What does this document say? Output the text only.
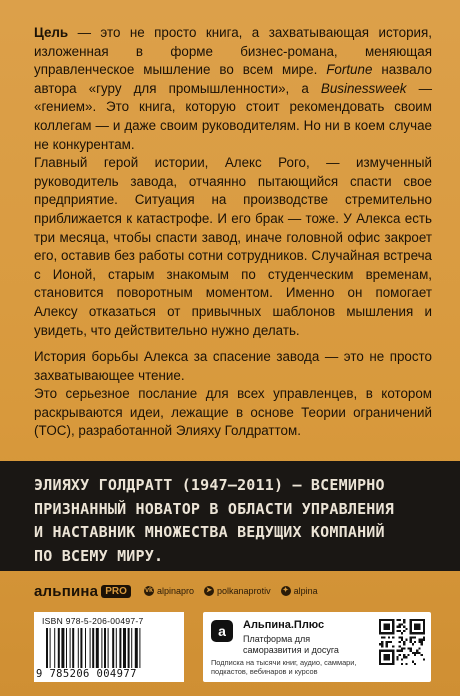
Цель — это не просто книга, а захватывающая история, изложенная в форме бизнес-романа, меняющая управленческое мышление во всем мире. Fortune назвало автора «гуру для промышленности», а Businessweek — «гением». Это книга, которую стоит рекомендовать своим коллегам — и даже своим руководителям. Но ни в коем случае не конкурентам.

Главный герой истории, Алекс Рого, — измученный руководитель завода, отчаянно пытающийся спасти свое предприятие. Ситуация на производстве стремительно приближается к катастрофе. И его брак — тоже. У Алекса есть три месяца, чтобы спасти завод, иначе головной офис закроет его, оставив без работы сотни сотрудников. Случайная встреча с Ионой, старым знакомым по студенческим временам, становится поворотным моментом. Именно он помогает Алексу отказаться от привычных шаблонов мышления и увидеть, что действительно нужно делать.

История борьбы Алекса за спасение завода — это не просто захватывающее чтение.

Это серьезное послание для всех управленцев, в котором раскрываются идеи, лежащие в основе Теории ограничений (TOC), разработанной Элияху Голдраттом.

ЭЛИЯХУ ГОЛДРАТТ (1947–2011) — ВСЕМИРНО
ПРИЗНАННЫЙ НОВАТОР В ОБЛАСТИ УПРАВЛЕНИЯ
И НАСТАВНИК МНОЖЕСТВА ВЕДУЩИХ КОМПАНИЙ
ПО ВСЕМУ МИРУ.
альпина PRO	vk alpinapro ➤ polkanaprotiv ✦ alpina
ISBN 978-5-206-00497-7
9 785206 004977
a	Альпина.Плюс
Платформа для саморазвития и досуга
Подписка на тысячи книг, аудио, саммари, подкастов, вебинаров и курсов
